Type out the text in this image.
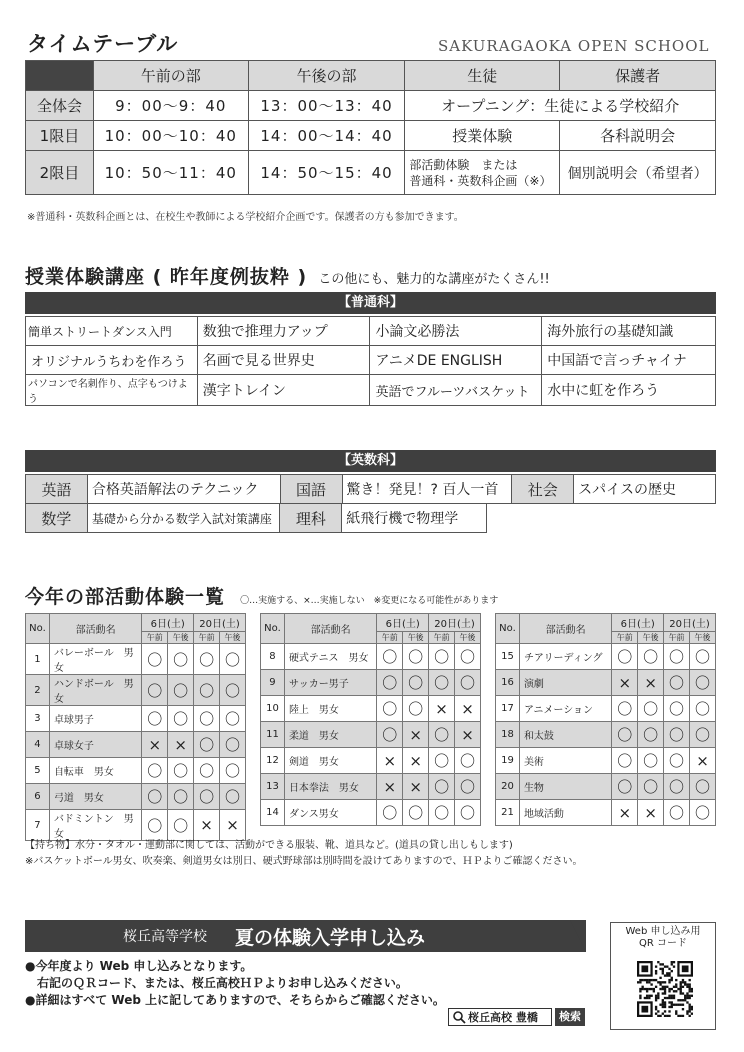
タイムテーブル	SAKURAGAOKA OPEN SCHOOL
	午前の部	午後の部	生徒	保護者
全体会	9：00〜9：40	13：00〜13：40	オープニング：生徒による学校紹介	
1限目	10：00〜10：40	14：00〜14：40	授業体験	各科説明会
2限目	10：50〜11：40	14：50〜15：40	部活動体験　または
普通科・英数科企画（※）	個別説明会（希望者）
※普通科・英数科企画とは、在校生や教師による学校紹介企画です。保護者の方も参加できます。
授業体験講座 ( 昨年度例抜粋 ) この他にも、魅力的な講座がたくさん!!
【普通科】
簡単ストリートダンス入門	数独で推理力アップ	小論文必勝法	海外旅行の基礎知識
オリジナルうちわを作ろう	名画で見る世界史	アニメDE ENGLISH	中国語で言っチャイナ
パソコンで名刺作り、点字もつけよう	漢字トレイン	英語でフルーツバスケット	水中に虹を作ろう
【英数科】
英語	合格英語解法のテクニック	国語	驚き！発見！? 百人一首	社会	スパイスの歴史
数学	基礎から分かる数学入試対策講座	理科	紙飛行機で物理学
今年の部活動体験一覧 〇…実施する、×…実施しない　※変更になる可能性があります
No.	部活動名	6日(土)		20日(土)	
		午前	午後	午前	午後
1	バレーボール　男女	〇	〇	〇	〇
2	ハンドボール　男女	〇	〇	〇	〇
3	卓球男子	〇	〇	〇	〇
4	卓球女子	×	×	〇	〇
5	自転車　男女	〇	〇	〇	〇
6	弓道　男女	〇	〇	〇	〇
7	バドミントン　男女	〇	〇	×	×
No.	部活動名	6日(土)		20日(土)	
		午前	午後	午前	午後
8	硬式テニス　男女	〇	〇	〇	〇
9	サッカー男子	〇	〇	〇	〇
10	陸上　男女	〇	〇	×	×
11	柔道　男女	〇	×	〇	×
12	剣道　男女	×	×	〇	〇
13	日本拳法　男女	×	×	〇	〇
14	ダンス男女	〇	〇	〇	〇
No.	部活動名	6日(土)		20日(土)	
		午前	午後	午前	午後
15	チアリーディング	〇	〇	〇	〇
16	演劇	×	×	〇	〇
17	アニメーション	〇	〇	〇	〇
18	和太鼓	〇	〇	〇	〇
19	美術	〇	〇	〇	×
20	生物	〇	〇	〇	〇
21	地域活動	×	×	〇	〇
【持ち物】水分・タオル・運動部に関しては、活動ができる服装、靴、道具など。(道具の貸し出しもします)
※バスケットボール男女、吹奏楽、剣道男女は別日、硬式野球部は別時間を設けてありますので、ＨＰよりご確認ください。
桜丘高等学校 夏の体験入学申し込み
●今年度より Web 申し込みとなります。
右記のＱＲコード、または、桜丘高校ＨＰよりお申し込みください。
●詳細はすべて Web 上に記してありますので、そちらからご確認ください。
桜丘高校 豊橋	検索
Web 申し込み用
QR コード
